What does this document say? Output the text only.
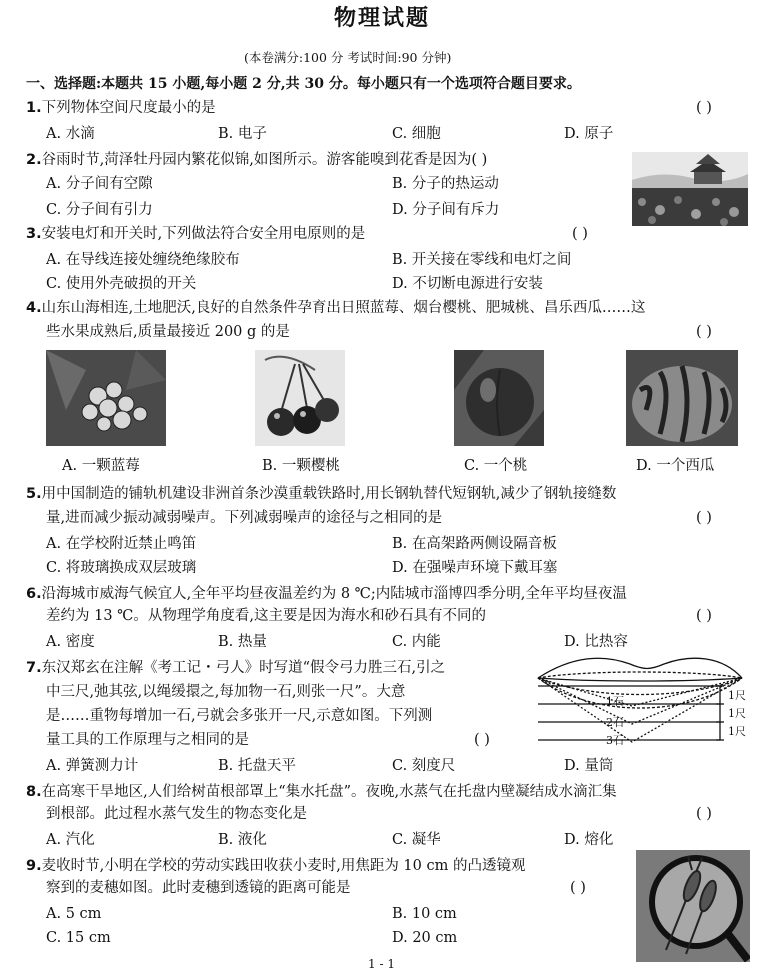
物理试题
(本卷满分:100 分 考试时间:90 分钟)
一、选择题:本题共 15 小题,每小题 2 分,共 30 分。每小题只有一个选项符合题目要求。
1.下列物体空间尺度最小的是	( )
A. 水滴	B. 电子	C. 细胞	D. 原子
2.谷雨时节,菏泽牡丹园内繁花似锦,如图所示。游客能嗅到花香是因为( )
A. 分子间有空隙	B. 分子的热运动
C. 分子间有引力	D. 分子间有斥力
3.安装电灯和开关时,下列做法符合安全用电原则的是	( )
A. 在导线连接处缠绕绝缘胶布	B. 开关接在零线和电灯之间
C. 使用外壳破损的开关	D. 不切断电源进行安装
4.山东山海相连,土地肥沃,良好的自然条件孕育出日照蓝莓、烟台樱桃、肥城桃、昌乐西瓜……这
些水果成熟后,质量最接近 200 g 的是	( )
A. 一颗蓝莓	B. 一颗樱桃	C. 一个桃	D. 一个西瓜
5.用中国制造的铺轨机建设非洲首条沙漠重载铁路时,用长钢轨替代短钢轨,减少了钢轨接缝数
量,进而减少振动减弱噪声。下列减弱噪声的途径与之相同的是	( )
A. 在学校附近禁止鸣笛	B. 在高架路两侧设隔音板
C. 将玻璃换成双层玻璃	D. 在强噪声环境下戴耳塞
6.沿海城市威海气候宜人,全年平均昼夜温差约为 8 ℃;内陆城市淄博四季分明,全年平均昼夜温
差约为 13 ℃。从物理学角度看,这主要是因为海水和砂石具有不同的	( )
A. 密度	B. 热量	C. 内能	D. 比热容
7.东汉郑玄在注解《考工记・弓人》时写道“假令弓力胜三石,引之
中三尺,弛其弦,以绳缓擐之,每加物一石,则张一尺”。大意
是……重物每增加一石,弓就会多张开一尺,示意如图。下列测
量工具的工作原理与之相同的是	( )
A. 弹簧测力计	B. 托盘天平	C. 刻度尺	D. 量筒
1石
2石
3石
1尺
1尺
1尺
8.在高寒干旱地区,人们给树苗根部罩上“集水托盘”。夜晚,水蒸气在托盘内壁凝结成水滴汇集
到根部。此过程水蒸气发生的物态变化是	( )
A. 汽化	B. 液化	C. 凝华	D. 熔化
9.麦收时节,小明在学校的劳动实践田收获小麦时,用焦距为 10 cm 的凸透镜观
察到的麦穗如图。此时麦穗到透镜的距离可能是	( )
A. 5 cm	B. 10 cm
C. 15 cm	D. 20 cm
1 - 1
